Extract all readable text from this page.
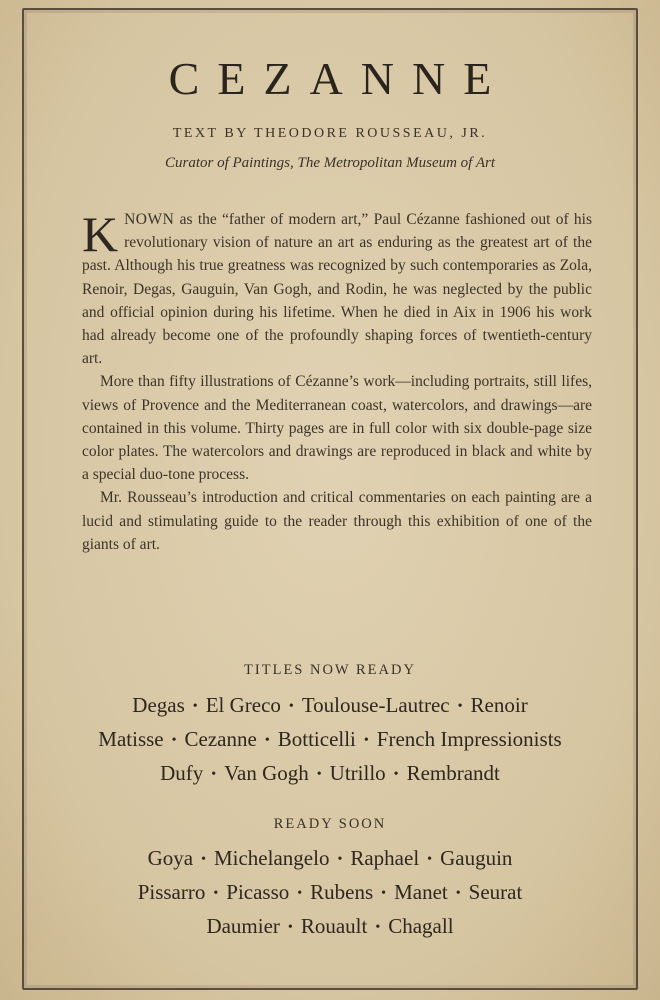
CEZANNE
TEXT BY THEODORE ROUSSEAU, JR.
Curator of Paintings, The Metropolitan Museum of Art

KNOWN as the “father of modern art,” Paul Cézanne fashioned out of his revolutionary vision of nature an art as enduring as the greatest art of the past. Although his true greatness was recognized by such contemporaries as Zola, Renoir, Degas, Gauguin, Van Gogh, and Rodin, he was neglected by the public and official opinion during his lifetime. When he died in Aix in 1906 his work had already become one of the profoundly shaping forces of twentieth-century art.

More than fifty illustrations of Cézanne’s work—including portraits, still lifes, views of Provence and the Mediterranean coast, watercolors, and drawings—are contained in this volume. Thirty pages are in full color with six double-page size color plates. The watercolors and drawings are reproduced in black and white by a special duo-tone process.

Mr. Rousseau’s introduction and critical commentaries on each painting are a lucid and stimulating guide to the reader through this exhibition of one of the giants of art.

TITLES NOW READY
Degas • El Greco • Toulouse-Lautrec • Renoir
Matisse • Cezanne • Botticelli • French Impressionists
Dufy • Van Gogh • Utrillo • Rembrandt
READY SOON
Goya • Michelangelo • Raphael • Gauguin
Pissarro • Picasso • Rubens • Manet • Seurat
Daumier • Rouault • Chagall
